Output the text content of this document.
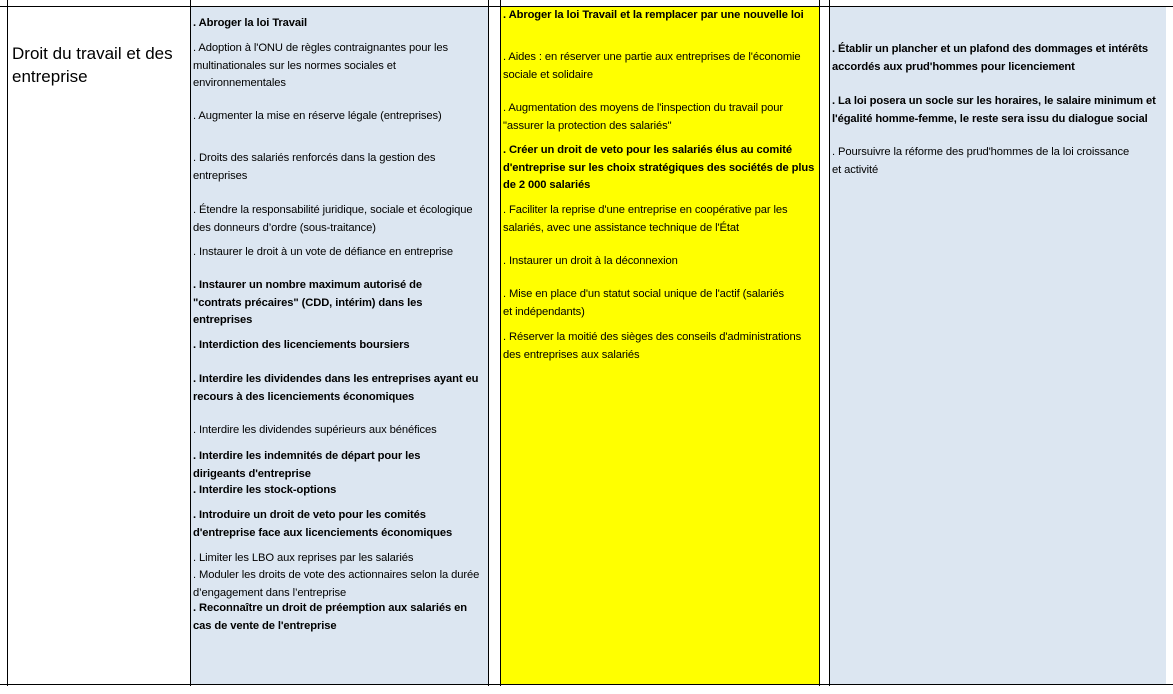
Droit du travail et des entreprise
. Abroger la loi Travail
. Adoption à l'ONU de règles contraignantes pour les multinationales sur les normes sociales et environnementales
. Augmenter la mise en réserve légale (entreprises)
. Droits des salariés renforcés dans la gestion des entreprises
. Étendre la responsabilité juridique, sociale et écologique des donneurs d’ordre (sous-traitance)
. Instaurer le droit à un vote de défiance en entreprise
. Instaurer un nombre maximum autorisé de "contrats précaires" (CDD, intérim) dans les entreprises
. Interdiction des licenciements boursiers
. Interdire les dividendes dans les entreprises ayant eu recours à des licenciements économiques
. Interdire les dividendes supérieurs aux bénéfices
. Interdire les indemnités de départ pour les dirigeants d'entreprise
. Interdire les stock-options
. Introduire un droit de veto pour les comités d'entreprise face aux licenciements économiques
. Limiter les LBO aux reprises par les salariés
. Moduler les droits de vote des actionnaires selon la durée d’engagement dans l’entreprise
. Reconnaître un droit de préemption aux salariés en cas de vente de l'entreprise
. Abroger la loi Travail et la remplacer par une nouvelle loi
. Aides : en réserver une partie aux entreprises de l'économie sociale et solidaire
. Augmentation des moyens de l'inspection du travail pour "assurer la protection des salariés"
. Créer un droit de veto pour les salariés élus au comité d'entreprise sur les choix stratégiques des sociétés de plus de 2 000 salariés
. Faciliter la reprise d'une entreprise en coopérative par les salariés, avec une assistance technique de l'État
. Instaurer un droit à la déconnexion
. Mise en place d'un statut social unique de l'actif (salariés et indépendants)
. Réserver la moitié des sièges des conseils d'administrations des entreprises aux salariés
. Établir un plancher et un plafond des dommages et intérêts accordés aux prud'hommes pour licenciement
. La loi posera un socle sur les horaires, le salaire minimum et l'égalité homme-femme, le reste sera issu du dialogue social
. Poursuivre la réforme des prud'hommes de la loi croissance et activité
